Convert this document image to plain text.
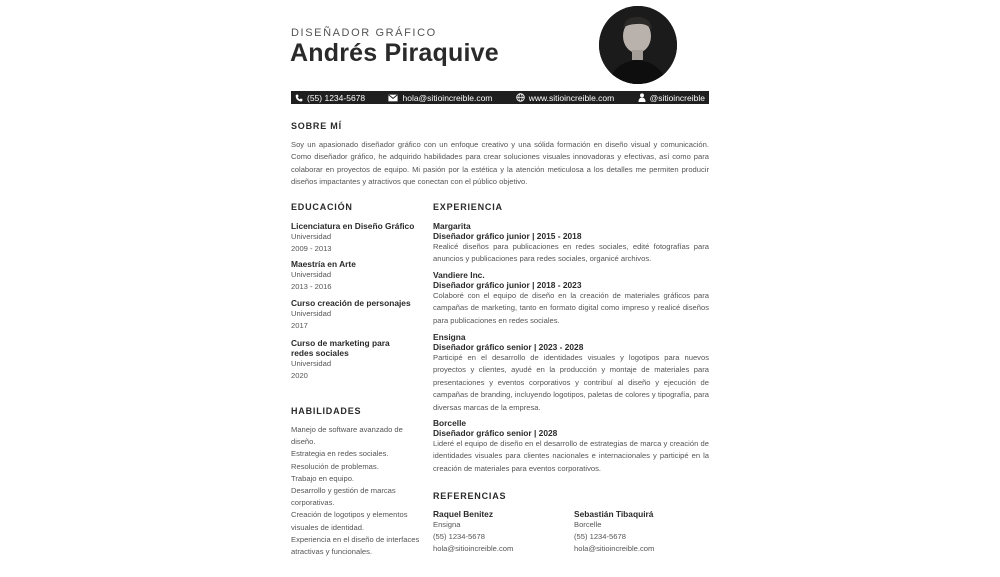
DISEÑADOR GRÁFICO
Andrés Piraquive
(55) 1234-5678	hola@sitioincreible.com	www.sitioincreible.com	@sitioincreible
SOBRE MÍ
Soy un apasionado diseñador gráfico con un enfoque creativo y una sólida formación en diseño visual y comunicación. Como diseñador gráfico, he adquirido habilidades para crear soluciones visuales innovadoras y efectivas, así como para colaborar en proyectos de equipo. Mi pasión por la estética y la atención meticulosa a los detalles me permiten producir diseños impactantes y atractivos que conectan con el público objetivo.
EDUCACIÓN
Licenciatura en Diseño Gráfico
Universidad
2009 - 2013
Maestría en Arte
Universidad
2013 - 2016
Curso creación de personajes
Universidad
2017
Curso de marketing para redes sociales
Universidad
2020
HABILIDADES
Manejo de software avanzado de diseño.
Estrategia en redes sociales.
Resolución de problemas.
Trabajo en equipo.
Desarrollo y gestión de marcas corporativas.
Creación de logotipos y elementos visuales de identidad.
Experiencia en el diseño de interfaces atractivas y funcionales.
EXPERIENCIA
Margarita
Diseñador gráfico junior | 2015 - 2018
Realicé diseños para publicaciones en redes sociales, edité fotografías para anuncios y publicaciones para redes sociales, organicé archivos.
Vandiere Inc.
Diseñador gráfico junior | 2018 - 2023
Colaboré con el equipo de diseño en la creación de materiales gráficos para campañas de marketing, tanto en formato digital como impreso y realicé diseños para publicaciones en redes sociales.
Ensigna
Diseñador gráfico senior | 2023 - 2028
Participé en el desarrollo de identidades visuales y logotipos para nuevos proyectos y clientes, ayudé en la producción y montaje de materiales para presentaciones y eventos corporativos y contribuí al diseño y ejecución de campañas de branding, incluyendo logotipos, paletas de colores y tipografía, para diversas marcas de la empresa.
Borcelle
Diseñador gráfico senior | 2028
Lideré el equipo de diseño en el desarrollo de estrategias de marca y creación de identidades visuales para clientes nacionales e internacionales y participé en la creación de materiales para eventos corporativos.
REFERENCIAS
Raquel Benitez
Ensigna
(55) 1234-5678
hola@sitioincreible.com
Sebastián Tibaquirá
Borcelle
(55) 1234-5678
hola@sitioincreible.com
